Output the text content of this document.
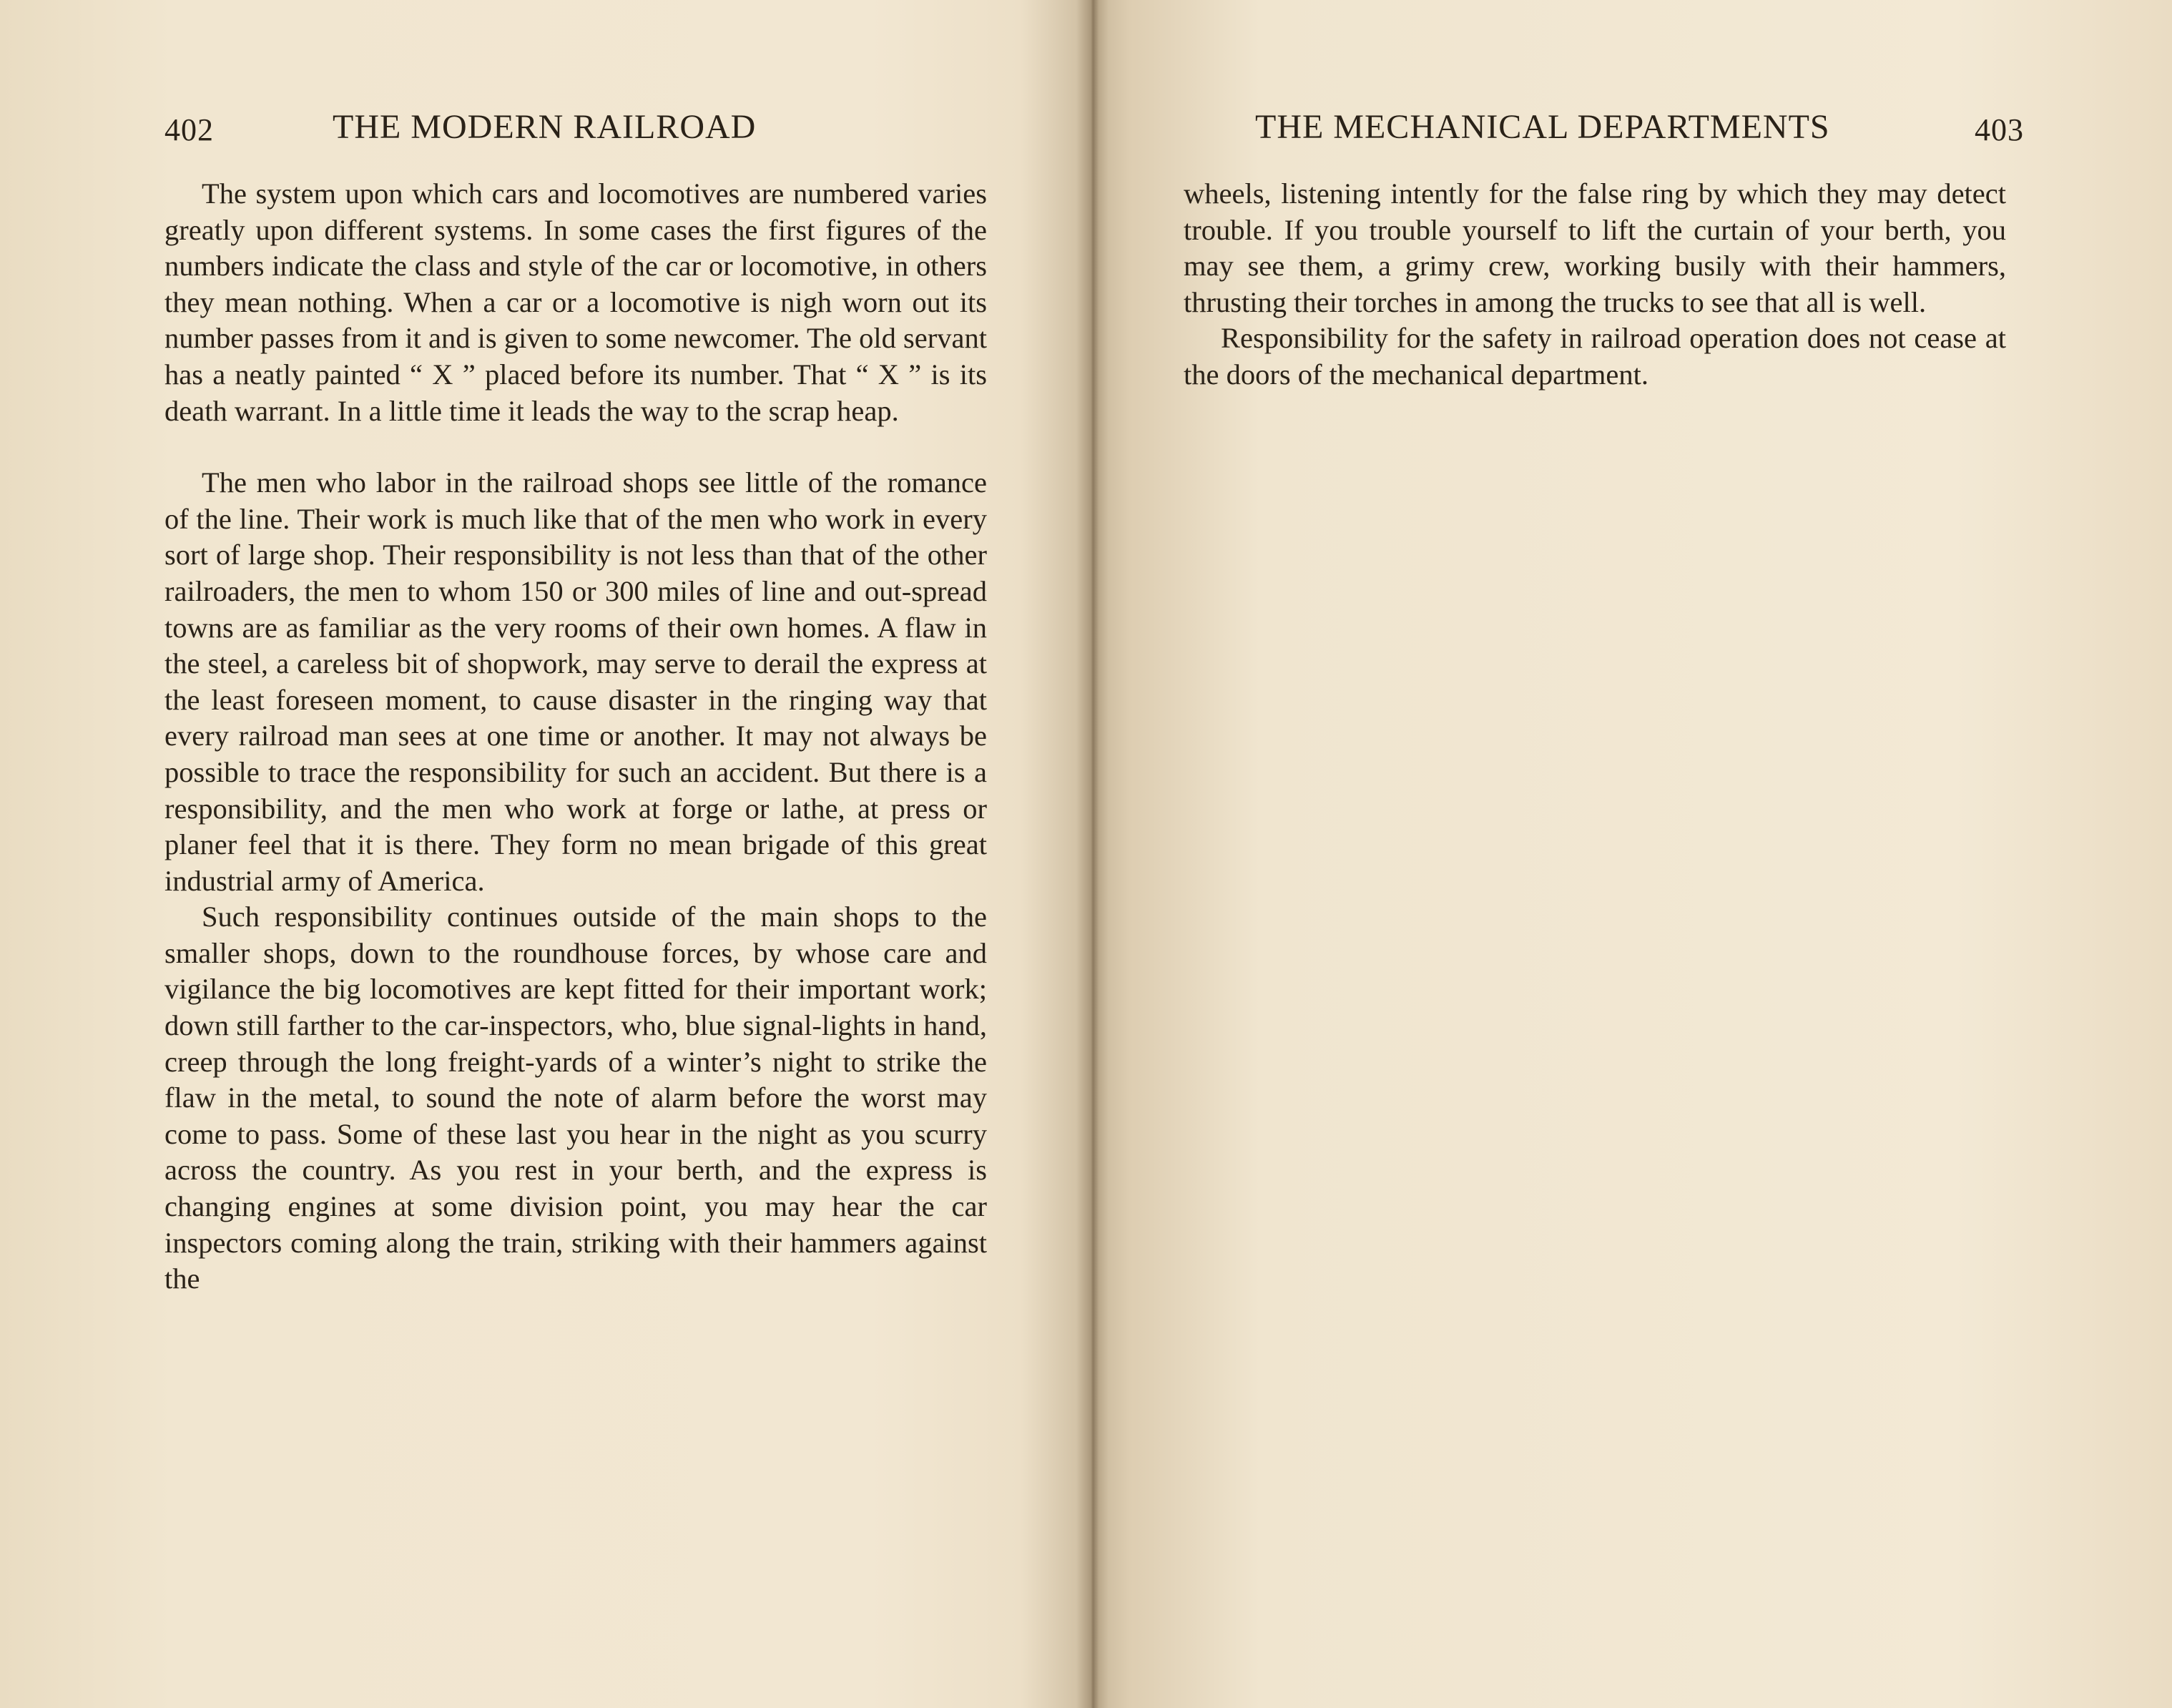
402	THE MODERN RAILROAD

The system upon which cars and locomotives are numbered varies greatly upon different systems. In some cases the first figures of the numbers indicate the class and style of the car or locomotive, in others they mean nothing. When a car or a locomotive is nigh worn out its number passes from it and is given to some newcomer. The old servant has a neatly painted “ X ” placed before its number. That “ X ” is its death warrant. In a little time it leads the way to the scrap heap.

The men who labor in the railroad shops see little of the romance of the line. Their work is much like that of the men who work in every sort of large shop. Their responsibility is not less than that of the other railroaders, the men to whom 150 or 300 miles of line and out-spread towns are as familiar as the very rooms of their own homes. A flaw in the steel, a careless bit of shopwork, may serve to derail the express at the least foreseen moment, to cause disaster in the ringing way that every railroad man sees at one time or another. It may not always be possible to trace the responsibility for such an accident. But there is a responsibility, and the men who work at forge or lathe, at press or planer feel that it is there. They form no mean brigade of this great industrial army of America.

Such responsibility continues outside of the main shops to the smaller shops, down to the roundhouse forces, by whose care and vigilance the big locomotives are kept fitted for their important work; down still farther to the car-inspectors, who, blue signal-lights in hand, creep through the long freight-yards of a winter’s night to strike the flaw in the metal, to sound the note of alarm before the worst may come to pass. Some of these last you hear in the night as you scurry across the country. As you rest in your berth, and the express is changing engines at some division point, you may hear the car inspectors coming along the train, striking with their hammers against the

THE MECHANICAL DEPARTMENTS	403

wheels, listening intently for the false ring by which they may detect trouble. If you trouble yourself to lift the curtain of your berth, you may see them, a grimy crew, working busily with their hammers, thrusting their torches in among the trucks to see that all is well.

Responsibility for the safety in railroad operation does not cease at the doors of the mechanical department.
